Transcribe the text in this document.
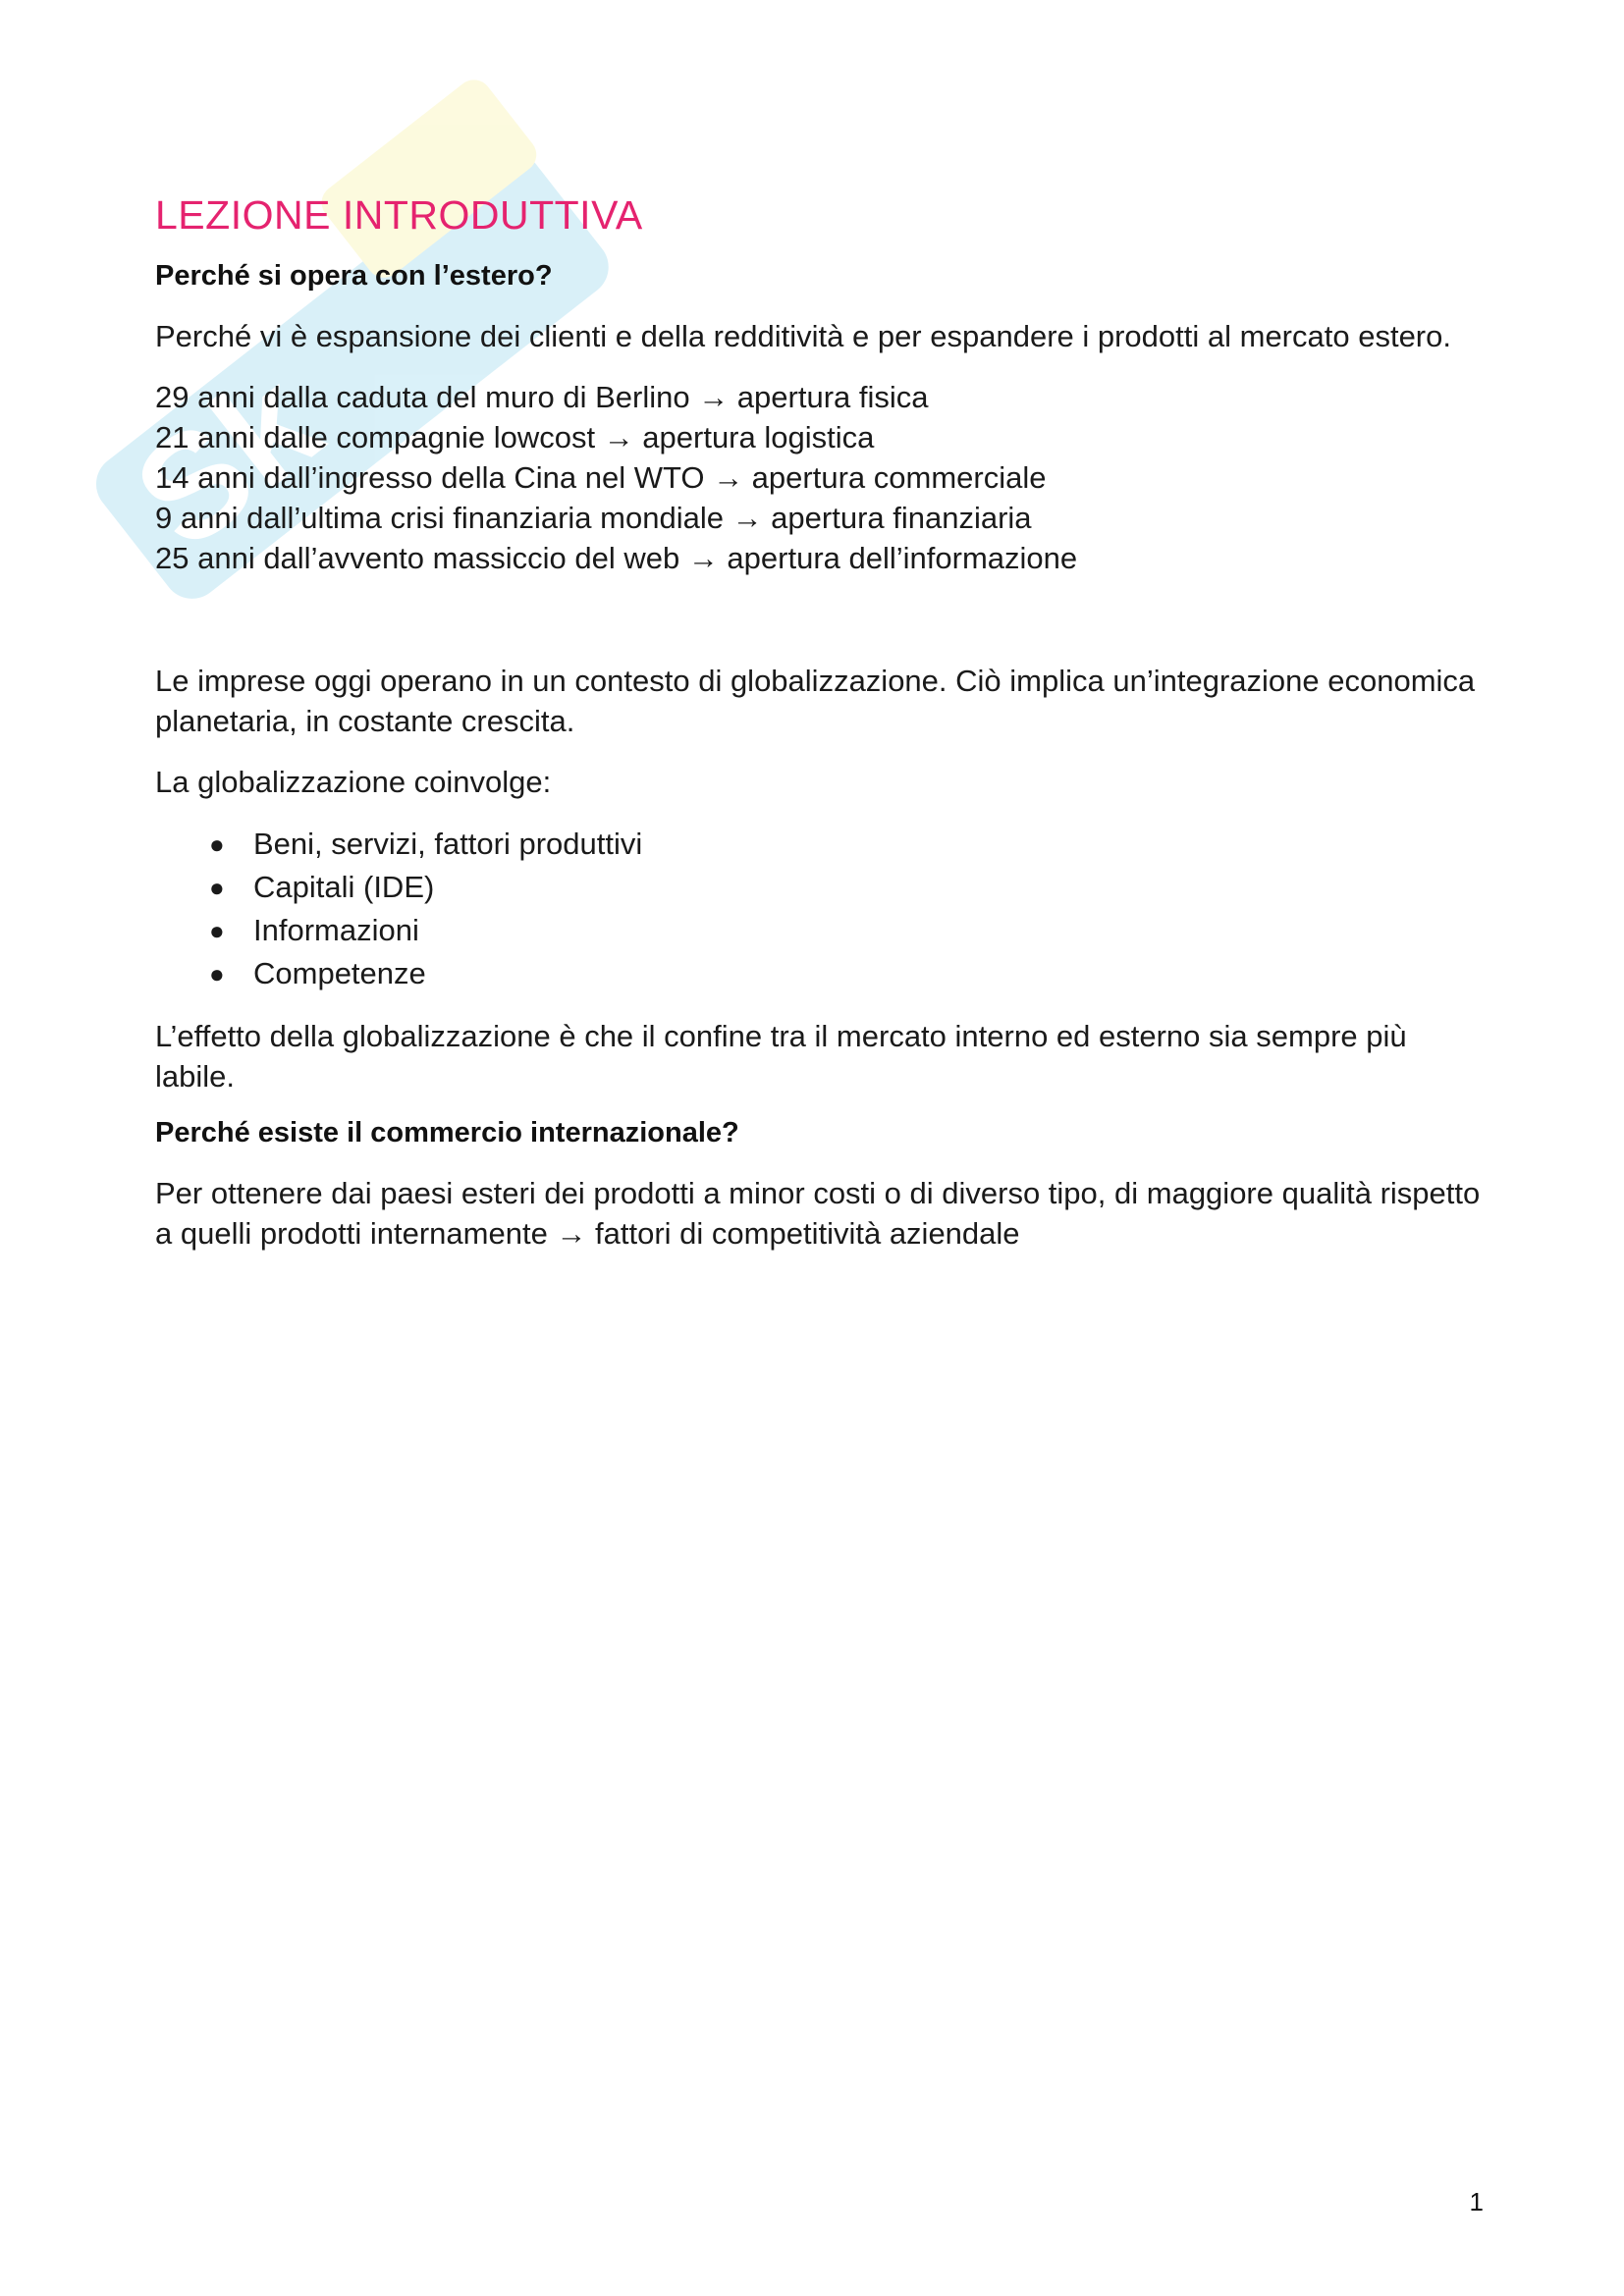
Sk
LEZIONE INTRODUTTIVA
Perché si opera con l’estero?

Perché vi è espansione dei clienti e della redditività e per espandere i prodotti al mercato estero.

29 anni dalla caduta del muro di Berlino → apertura fisica
21 anni dalle compagnie lowcost → apertura logistica
14 anni dall’ingresso della Cina nel WTO → apertura commerciale
9 anni dall’ultima crisi finanziaria mondiale → apertura finanziaria
25 anni dall’avvento massiccio del web → apertura dell’informazione

Le imprese oggi operano in un contesto di globalizzazione. Ciò implica un’integrazione economica planetaria, in costante crescita.

La globalizzazione coinvolge:

● Beni, servizi, fattori produttivi
● Capitali (IDE)
● Informazioni
● Competenze

L’effetto della globalizzazione è che il confine tra il mercato interno ed esterno sia sempre più labile.

Perché esiste il commercio internazionale?

Per ottenere dai paesi esteri dei prodotti a minor costi o di diverso tipo, di maggiore qualità rispetto a quelli prodotti internamente → fattori di competitività aziendale

1
